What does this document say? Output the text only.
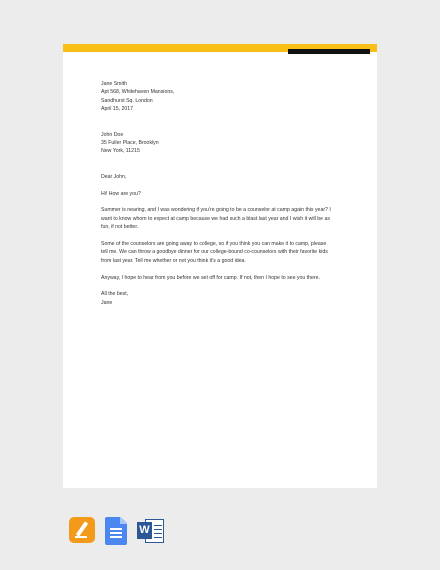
Jane Smith
Apt 568, Whitehaven Mansions,
Sandhurst Sq. London
April 15, 2017
John Doe
35 Fuller Place, Brooklyn
New York, 11215

Dear John,

Hi! How are you?

Summer is nearing, and I was wondering if you’re going to be a counselor at camp again this year? I
want to know whom to expect at camp because we had such a blast last year and I wish it will be as
fun, if not better.

Some of the counselors are going away to college, so if you think you can make it to camp, please
tell me. We can throw a goodbye dinner for our college-bound co-counselors with their favorite kids
from last year. Tell me whether or not you think it’s a good idea.

Anyway, I hope to hear from you before we set off for camp. If not, then I hope to see you there.

All the best,
Jane
W
